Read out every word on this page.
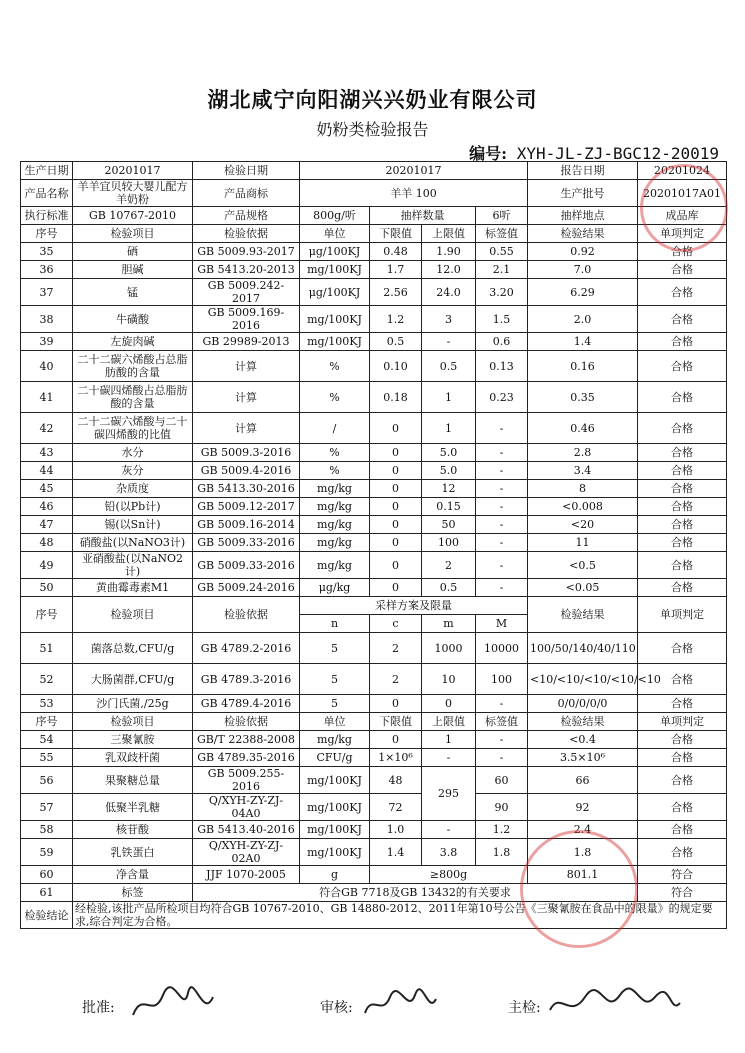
湖北咸宁向阳湖兴兴奶业有限公司
奶粉类检验报告
编号: XYH-JL-ZJ-BGC12-20019
生产日期	20201017	检验日期	20201017				报告日期	20201024
产品名称	羊羊宜贝较大婴儿配方羊奶粉	产品商标	羊羊 100				生产批号	20201017A01
执行标准	GB 10767-2010	产品规格	800g/听	抽样数量		6听	抽样地点	成品库
序号	检验项目	检验依据	单位	下限值	上限值	标签值	检验结果	单项判定
35	硒	GB 5009.93-2017	μg/100KJ	0.48	1.90	0.55	0.92	合格
36	胆碱	GB 5413.20-2013	mg/100KJ	1.7	12.0	2.1	7.0	合格
37	锰	GB 5009.242-2017	μg/100KJ	2.56	24.0	3.20	6.29	合格
38	牛磺酸	GB 5009.169-2016	mg/100KJ	1.2	3	1.5	2.0	合格
39	左旋肉碱	GB 29989-2013	mg/100KJ	0.5	-	0.6	1.4	合格
40	二十二碳六烯酸占总脂肪酸的含量	计算	%	0.10	0.5	0.13	0.16	合格
41	二十碳四烯酸占总脂肪酸的含量	计算	%	0.18	1	0.23	0.35	合格
42	二十二碳六烯酸与二十碳四烯酸的比值	计算	/	0	1	-	0.46	合格
43	水分	GB 5009.3-2016	%	0	5.0	-	2.8	合格
44	灰分	GB 5009.4-2016	%	0	5.0	-	3.4	合格
45	杂质度	GB 5413.30-2016	mg/kg	0	12	-	8	合格
46	铅(以Pb计)	GB 5009.12-2017	mg/kg	0	0.15	-	<0.008	合格
47	锡(以Sn计)	GB 5009.16-2014	mg/kg	0	50	-	<20	合格
48	硝酸盐(以NaNO3计)	GB 5009.33-2016	mg/kg	0	100	-	11	合格
49	亚硝酸盐(以NaNO2计)	GB 5009.33-2016	mg/kg	0	2	-	<0.5	合格
50	黄曲霉毒素M1	GB 5009.24-2016	μg/kg	0	0.5	-	<0.05	合格
序号	检验项目	检验依据	采样方案及限量				检验结果	单项判定
			n	c	m	M		
51	菌落总数,CFU/g	GB 4789.2-2016	5	2	1000	10000	100/50/140/40/110	合格
52	大肠菌群,CFU/g	GB 4789.3-2016	5	2	10	100	<10/<10/<10/<10/<10	合格
53	沙门氏菌,/25g	GB 4789.4-2016	5	0	0	-	0/0/0/0/0	合格
序号	检验项目	检验依据	单位	下限值	上限值	标签值	检验结果	单项判定
54	三聚氰胺	GB/T 22388-2008	mg/kg	0	1	-	<0.4	合格
55	乳双歧杆菌	GB 4789.35-2016	CFU/g	1×10⁶	-	-	3.5×10⁶	合格
56	果聚糖总量	GB 5009.255-2016	mg/100KJ	48	295	60	66	合格
57	低聚半乳糖	Q/XYH-ZY-ZJ-04A0	mg/100KJ	72		90	92	合格
58	核苷酸	GB 5413.40-2016	mg/100KJ	1.0	-	1.2	2.4	合格
59	乳铁蛋白	Q/XYH-ZY-ZJ-02A0	mg/100KJ	1.4	3.8	1.8	1.8	合格
60	净含量	JJF 1070-2005	g	≥800g			801.1	符合
61	标签	符合GB 7718及GB 13432的有关要求						符合
检验结论	经检验,该批产品所检项目均符合GB 10767-2010、GB 14880-2012、2011年第10号公告《三聚氰胺在食品中的限量》的规定要求,综合判定为合格。							
批准:	审核:	主检:
